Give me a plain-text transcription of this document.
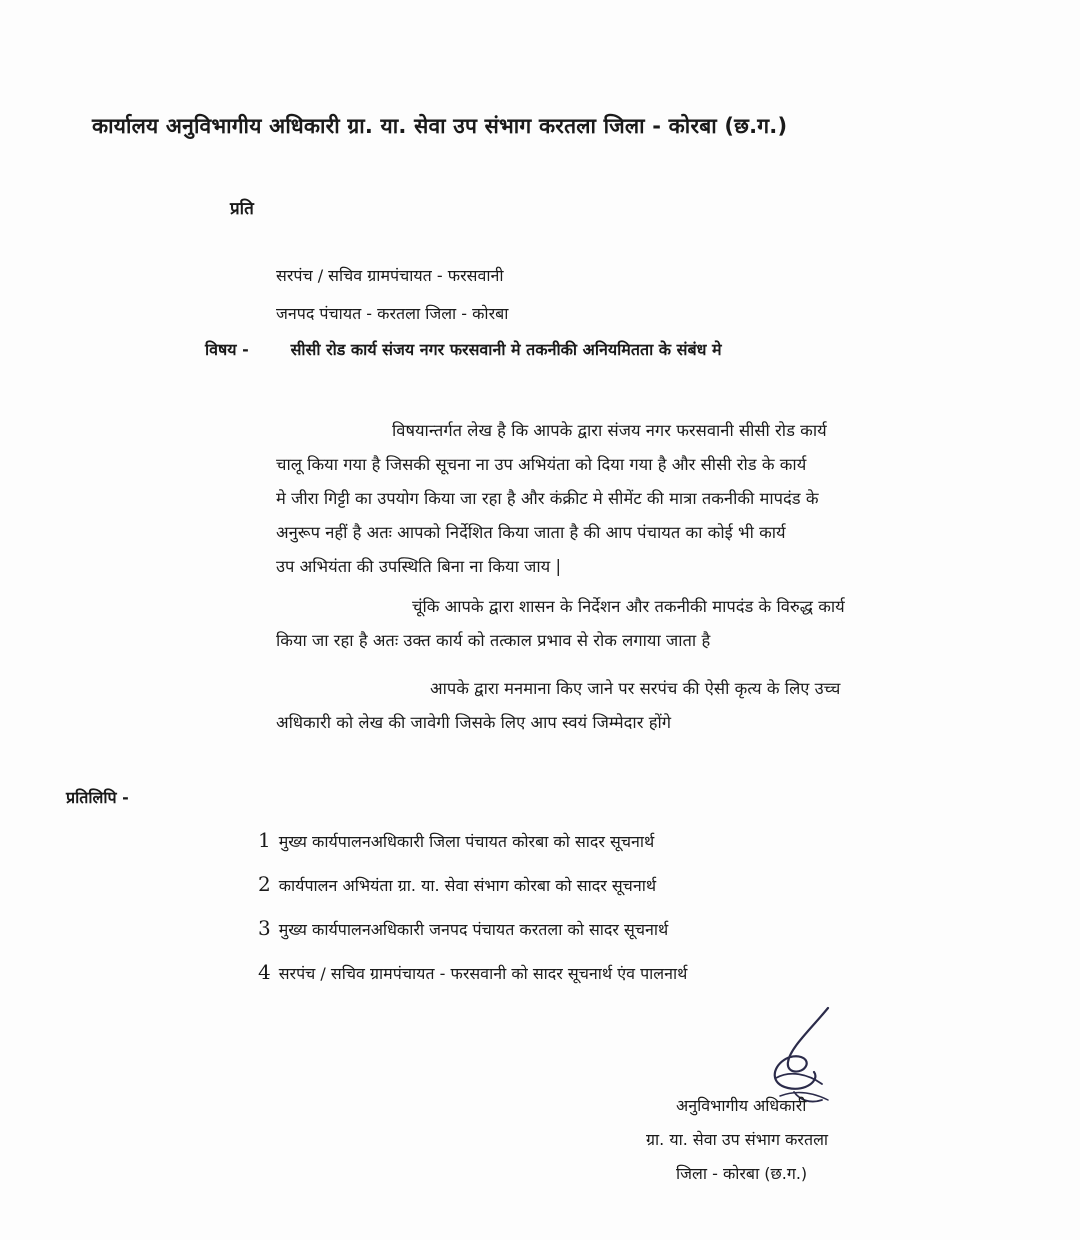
कार्यालय अनुविभागीय अधिकारी ग्रा. या. सेवा उप संभाग करतला जिला - कोरबा (छ.ग.)
प्रति
सरपंच / सचिव ग्रामपंचायत - फरसवानी
जनपद पंचायत - करतला जिला - कोरबा
विषय -	सीसी रोड कार्य संजय नगर फरसवानी मे तकनीकी अनियमितता के संबंध मे
विषयान्तर्गत लेख है कि आपके द्वारा संजय नगर फरसवानी सीसी रोड कार्य
चालू किया गया है जिसकी सूचना ना उप अभियंता को दिया गया है और सीसी रोड के कार्य
मे जीरा गिट्टी का उपयोग किया जा रहा है और कंक्रीट मे सीमेंट की मात्रा तकनीकी मापदंड के
अनुरूप नहीं है अतः आपको निर्देशित किया जाता है की आप पंचायत का कोई भी कार्य
उप अभियंता की उपस्थिति बिना ना किया जाय |
चूंकि आपके द्वारा शासन के निर्देशन और तकनीकी मापदंड के विरुद्ध कार्य
किया जा रहा है अतः उक्त कार्य को तत्काल प्रभाव से रोक लगाया जाता है
आपके द्वारा मनमाना किए जाने पर सरपंच की ऐसी कृत्य के लिए उच्च
अधिकारी को लेख की जावेगी जिसके लिए आप स्वयं जिम्मेदार होंगे
प्रतिलिपि -
1 मुख्य कार्यपालनअधिकारी जिला पंचायत कोरबा को सादर सूचनार्थ
2 कार्यपालन अभियंता ग्रा. या. सेवा संभाग कोरबा को सादर सूचनार्थ
3 मुख्य कार्यपालनअधिकारी जनपद पंचायत करतला को सादर सूचनार्थ
4 सरपंच / सचिव ग्रामपंचायत - फरसवानी को सादर सूचनार्थ एंव पालनार्थ
अनुविभागीय अधिकारी
ग्रा. या. सेवा उप संभाग करतला
जिला - कोरबा (छ.ग.)
